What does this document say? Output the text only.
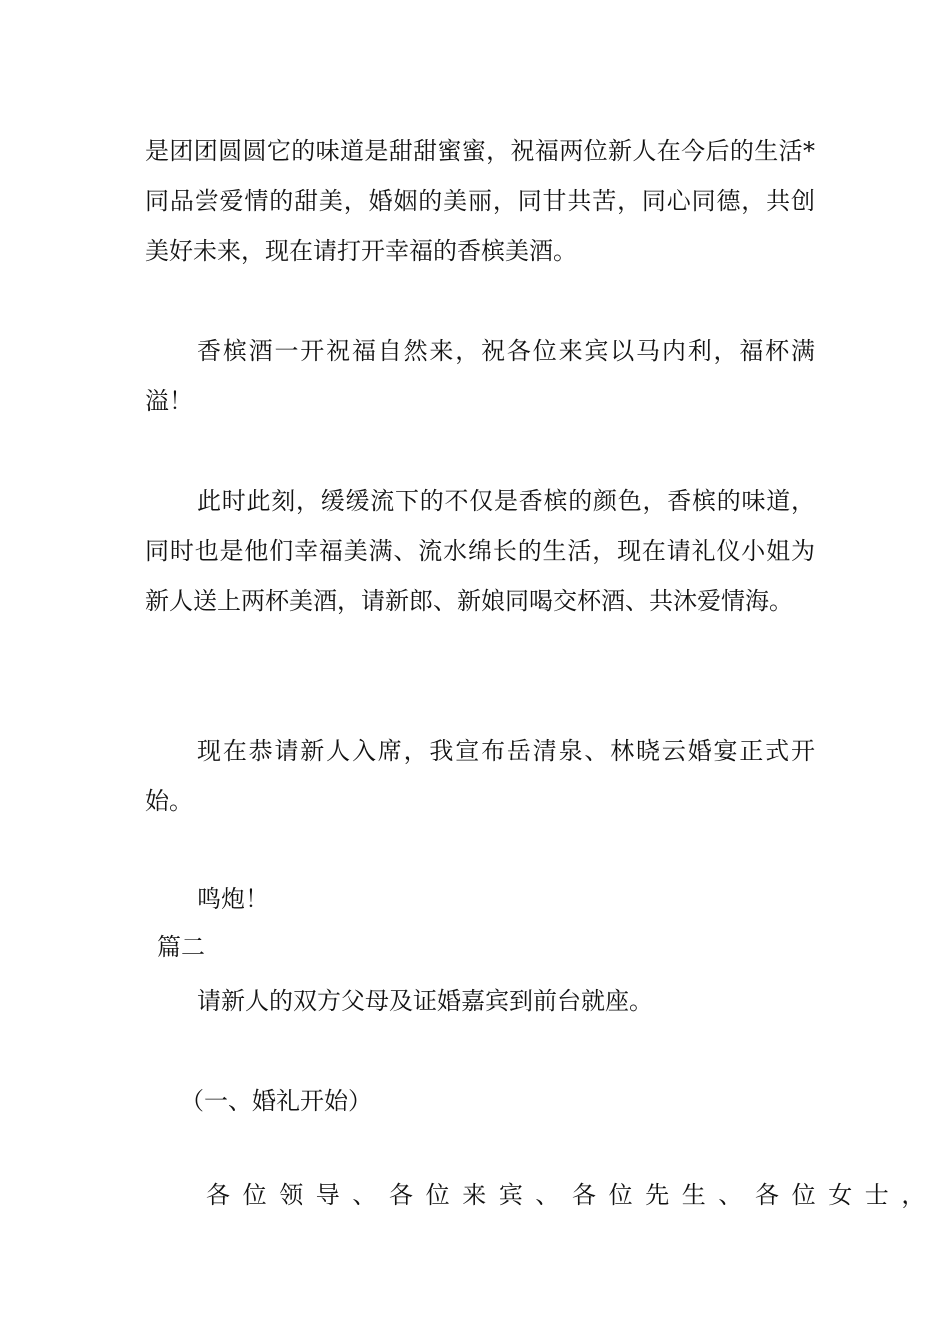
是团团圆圆它的味道是甜甜蜜蜜，祝福两位新人在今后的生活*同品尝爱情的甜美，婚姻的美丽，同甘共苦，同心同德，共创美好未来，现在请打开幸福的香槟美酒。

香槟酒一开祝福自然来，祝各位来宾以马内利，福杯满溢！

此时此刻，缓缓流下的不仅是香槟的颜色，香槟的味道，同时也是他们幸福美满、流水绵长的生活，现在请礼仪小姐为新人送上两杯美酒，请新郎、新娘同喝交杯酒、共沐爱情海。

现在恭请新人入席，我宣布岳清泉、林晓云婚宴正式开始。

鸣炮！

篇二

请新人的双方父母及证婚嘉宾到前台就座。

（一、婚礼开始）

各位领导、各位来宾、各位先生、各位女士，
